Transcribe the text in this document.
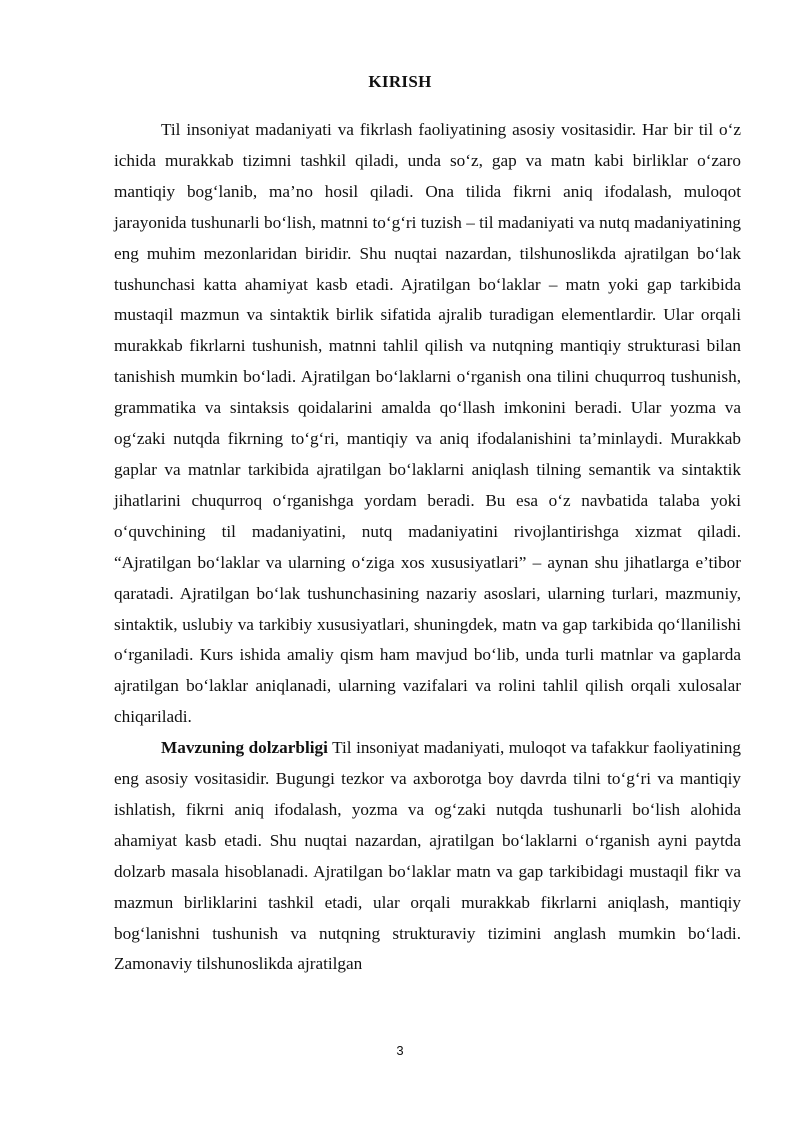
KIRISH

Til insoniyat madaniyati va fikrlash faoliyatining asosiy vositasidir. Har bir til o‘z ichida murakkab tizimni tashkil qiladi, unda so‘z, gap va matn kabi birliklar o‘zaro mantiqiy bog‘lanib, ma’no hosil qiladi. Ona tilida fikrni aniq ifodalash, muloqot jarayonida tushunarli bo‘lish, matnni to‘g‘ri tuzish – til madaniyati va nutq madaniyatining eng muhim mezonlaridan biridir. Shu nuqtai nazardan, tilshunoslikda ajratilgan bo‘lak tushunchasi katta ahamiyat kasb etadi. Ajratilgan bo‘laklar – matn yoki gap tarkibida mustaqil mazmun va sintaktik birlik sifatida ajralib turadigan elementlardir. Ular orqali murakkab fikrlarni tushunish, matnni tahlil qilish va nutqning mantiqiy strukturasi bilan tanishish mumkin bo‘ladi. Ajratilgan bo‘laklarni o‘rganish ona tilini chuqurroq tushunish, grammatika va sintaksis qoidalarini amalda qo‘llash imkonini beradi. Ular yozma va og‘zaki nutqda fikrning to‘g‘ri, mantiqiy va aniq ifodalanishini ta’minlaydi. Murakkab gaplar va matnlar tarkibida ajratilgan bo‘laklarni aniqlash tilning semantik va sintaktik jihatlarini chuqurroq o‘rganishga yordam beradi. Bu esa o‘z navbatida talaba yoki o‘quvchining til madaniyatini, nutq madaniyatini rivojlantirishga xizmat qiladi. “Ajratilgan bo‘laklar va ularning o‘ziga xos xususiyatlari” – aynan shu jihatlarga e’tibor qaratadi. Ajratilgan bo‘lak tushunchasining nazariy asoslari, ularning turlari, mazmuniy, sintaktik, uslubiy va tarkibiy xususiyatlari, shuningdek, matn va gap tarkibida qo‘llanilishi o‘rganiladi. Kurs ishida amaliy qism ham mavjud bo‘lib, unda turli matnlar va gaplarda ajratilgan bo‘laklar aniqlanadi, ularning vazifalari va rolini tahlil qilish orqali xulosalar chiqariladi.

Mavzuning dolzarbligi Til insoniyat madaniyati, muloqot va tafakkur faoliyatining eng asosiy vositasidir. Bugungi tezkor va axborotga boy davrda tilni to‘g‘ri va mantiqiy ishlatish, fikrni aniq ifodalash, yozma va og‘zaki nutqda tushunarli bo‘lish alohida ahamiyat kasb etadi. Shu nuqtai nazardan, ajratilgan bo‘laklarni o‘rganish ayni paytda dolzarb masala hisoblanadi. Ajratilgan bo‘laklar matn va gap tarkibidagi mustaqil fikr va mazmun birliklarini tashkil etadi, ular orqali murakkab fikrlarni aniqlash, mantiqiy bog‘lanishni tushunish va nutqning strukturaviy tizimini anglash mumkin bo‘ladi. Zamonaviy tilshunoslikda ajratilgan

3
